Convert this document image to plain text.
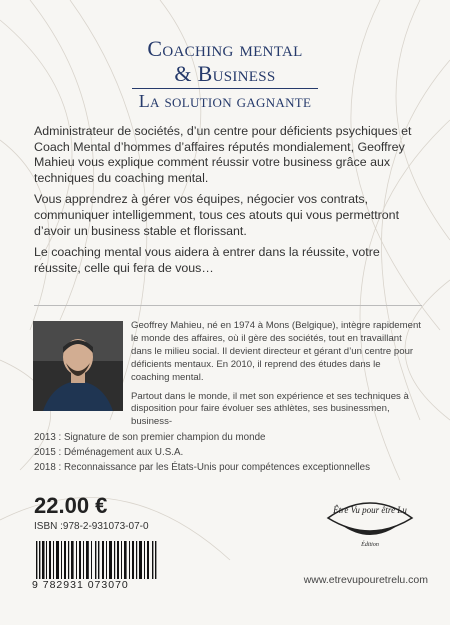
Coaching mental
& Business
La solution gagnante

Administrateur de sociétés, d’un centre pour déficients psychiques et Coach Mental d’hommes d’affaires réputés mondialement, Geoffrey Mahieu vous explique comment réussir votre business grâce aux techniques du coaching mental.

Vous apprendrez à gérer vos équipes, négocier vos contrats, communiquer intelligemment, tous ces atouts qui vous permettront d’avoir un business stable et florissant.

Le coaching mental vous aidera à entrer dans la réussite, votre réussite, celle qui fera de vous…

Geoffrey Mahieu, né en 1974 à Mons (Belgique), intègre rapidement le monde des affaires, où il gère des sociétés, tout en travaillant dans le milieu social. Il devient directeur et gérant d’un centre pour déficients mentaux. En 2010, il reprend des études dans le coaching mental.

Partout dans le monde, il met son expérience et ses techniques à disposition pour faire évoluer ses athlètes, ses businessmen, business-

2013 : Signature de son premier champion du monde
2015 : Déménagement aux U.S.A.
2018 : Reconnaissance par les États-Unis pour compétences exceptionnelles
22.00 €
ISBN :978-2-931073-07-0
9 782931 073070
Être Vu pour être Lu
Édition
www.etrevupouretrelu.com
